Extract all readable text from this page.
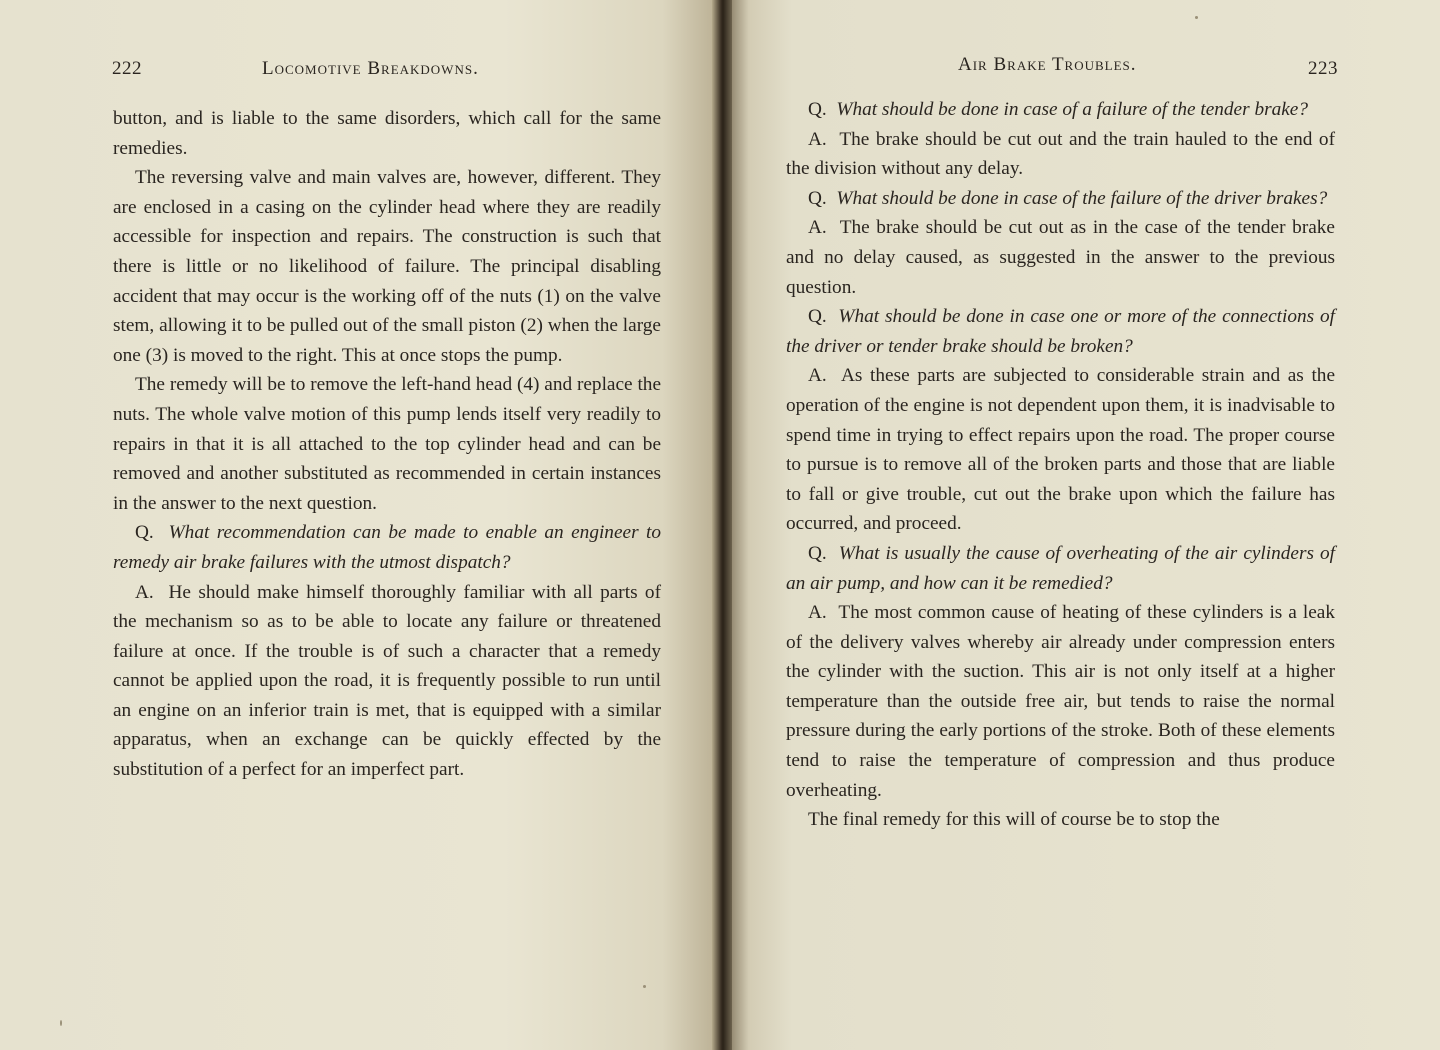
222	Locomotive Breakdowns.

button, and is liable to the same disorders, which call for the same remedies.

The reversing valve and main valves are, however, different. They are enclosed in a casing on the cylinder head where they are readily accessible for inspection and repairs. The construction is such that there is little or no likelihood of failure. The principal disabling accident that may occur is the working off of the nuts (1) on the valve stem, allowing it to be pulled out of the small piston (2) when the large one (3) is moved to the right. This at once stops the pump.

The remedy will be to remove the left-hand head (4) and replace the nuts. The whole valve motion of this pump lends itself very readily to repairs in that it is all attached to the top cylinder head and can be removed and another substituted as recommended in certain instances in the answer to the next question.

Q. What recommendation can be made to enable an engineer to remedy air brake failures with the utmost dispatch?

A. He should make himself thoroughly familiar with all parts of the mechanism so as to be able to locate any failure or threatened failure at once. If the trouble is of such a character that a remedy cannot be applied upon the road, it is frequently possible to run until an engine on an inferior train is met, that is equipped with a similar apparatus, when an exchange can be quickly effected by the substitution of a perfect for an imperfect part.

Air Brake Troubles.	223

Q. What should be done in case of a failure of the tender brake?

A. The brake should be cut out and the train hauled to the end of the division without any delay.

Q. What should be done in case of the failure of the driver brakes?

A. The brake should be cut out as in the case of the tender brake and no delay caused, as suggested in the answer to the previous question.

Q. What should be done in case one or more of the connections of the driver or tender brake should be broken?

A. As these parts are subjected to considerable strain and as the operation of the engine is not dependent upon them, it is inadvisable to spend time in trying to effect repairs upon the road. The proper course to pursue is to remove all of the broken parts and those that are liable to fall or give trouble, cut out the brake upon which the failure has occurred, and proceed.

Q. What is usually the cause of overheating of the air cylinders of an air pump, and how can it be remedied?

A. The most common cause of heating of these cylinders is a leak of the delivery valves whereby air already under compression enters the cylinder with the suction. This air is not only itself at a higher temperature than the outside free air, but tends to raise the normal pressure during the early portions of the stroke. Both of these elements tend to raise the temperature of compression and thus produce overheating.

The final remedy for this will of course be to stop the
